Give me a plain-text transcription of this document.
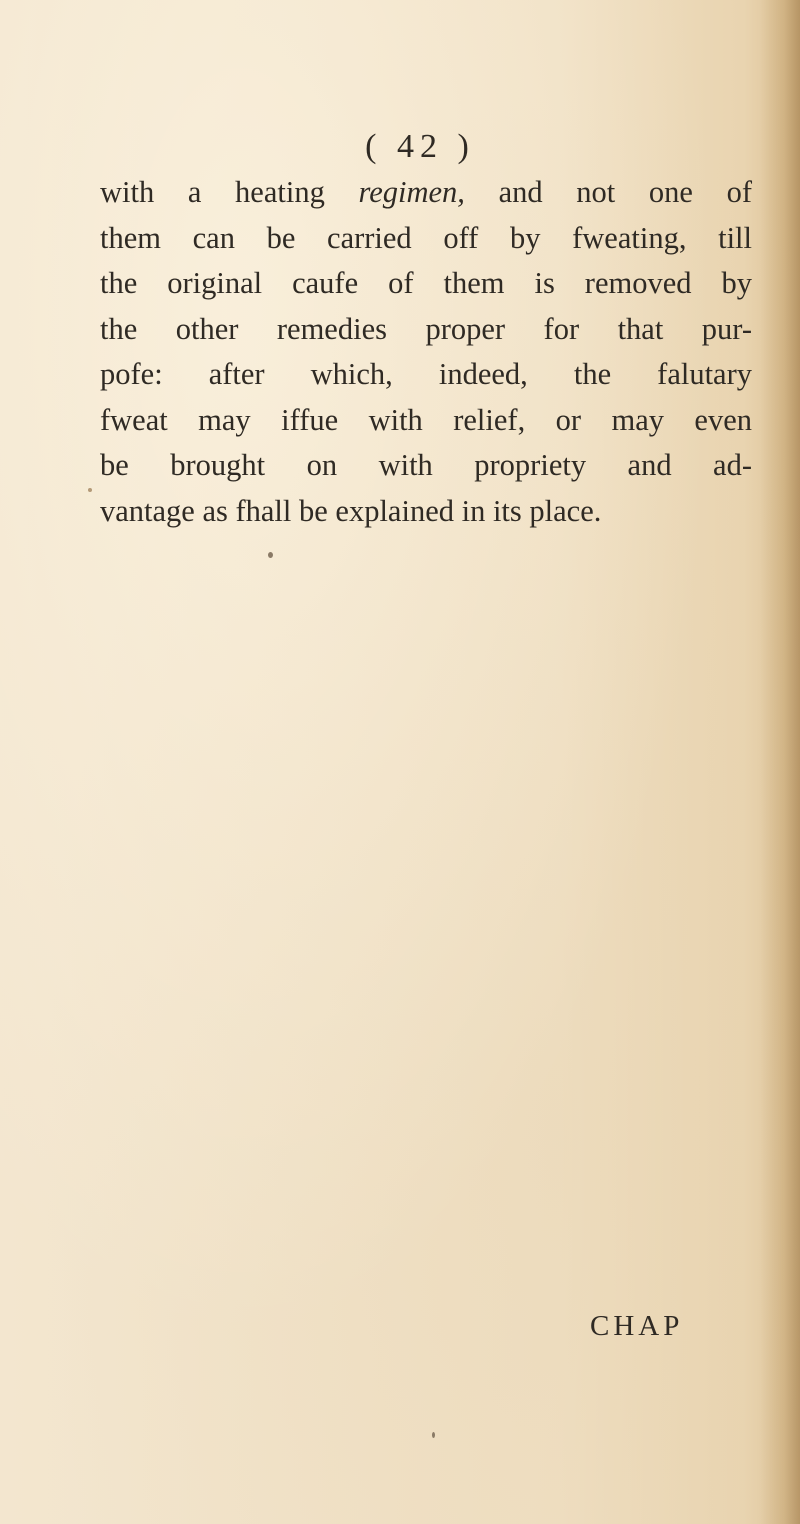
( 42 )

with a heating regimen, and not one of
them can be carried off by fweating, till
the original caufe of them is removed by
the other remedies proper for that pur-
pofe: after which, indeed, the falutary
fweat may iffue with relief, or may even
be brought on with propriety and ad-
vantage as fhall be explained in its place.

CHAP
